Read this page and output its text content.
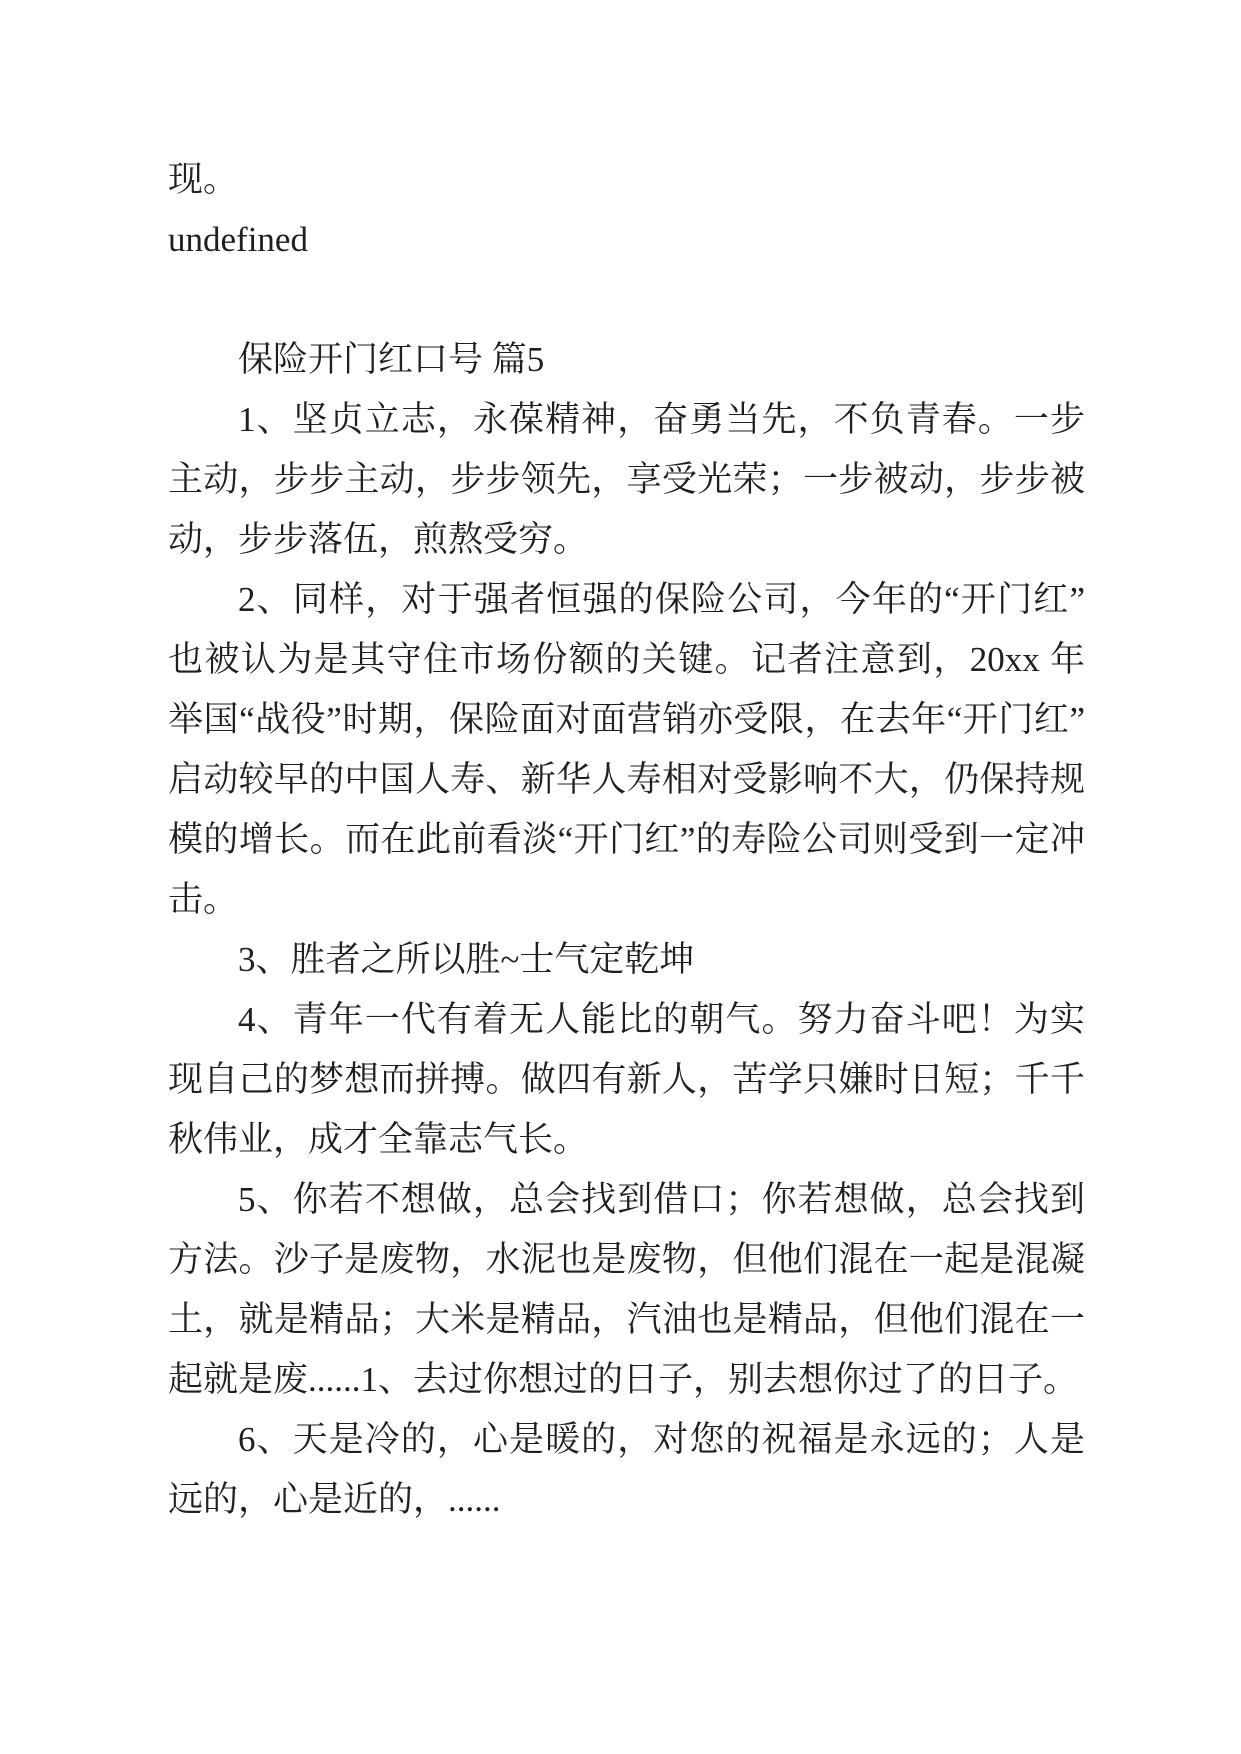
现。

undefined

保险开门红口号 篇5

1、坚贞立志，永葆精神，奋勇当先，不负青春。一步主动，步步主动，步步领先，享受光荣；一步被动，步步被动，步步落伍，煎熬受穷。

2、同样，对于强者恒强的保险公司，今年的“开门红”也被认为是其守住市场份额的关键。记者注意到，20xx 年举国“战役”时期，保险面对面营销亦受限，在去年“开门红”启动较早的中国人寿、新华人寿相对受影响不大，仍保持规模的增长。而在此前看淡“开门红”的寿险公司则受到一定冲击。

3、胜者之所以胜~士气定乾坤

4、青年一代有着无人能比的朝气。努力奋斗吧！为实现自己的梦想而拼搏。做四有新人，苦学只嫌时日短；千千秋伟业，成才全靠志气长。

5、你若不想做，总会找到借口；你若想做，总会找到方法。沙子是废物，水泥也是废物，但他们混在一起是混凝土，就是精品；大米是精品，汽油也是精品，但他们混在一起就是废......1、去过你想过的日子，别去想你过了的日子。

6、天是冷的，心是暖的，对您的祝福是永远的；人是远的，心是近的，......
